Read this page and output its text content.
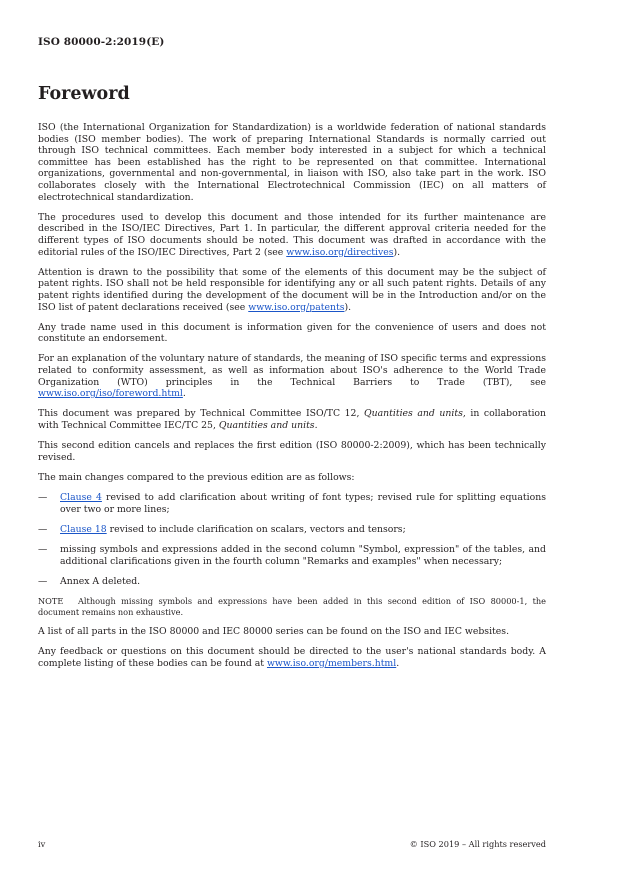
ISO 80000-2:2019(E)
Foreword

ISO (the International Organization for Standardization) is a worldwide federation of national standards bodies (ISO member bodies). The work of preparing International Standards is normally carried out through ISO technical committees. Each member body interested in a subject for which a technical committee has been established has the right to be represented on that committee. International organizations, governmental and non-governmental, in liaison with ISO, also take part in the work. ISO collaborates closely with the International Electrotechnical Commission (IEC) on all matters of electrotechnical standardization.

The procedures used to develop this document and those intended for its further maintenance are described in the ISO/IEC Directives, Part 1. In particular, the different approval criteria needed for the different types of ISO documents should be noted. This document was drafted in accordance with the editorial rules of the ISO/IEC Directives, Part 2 (see www.iso.org/directives).

Attention is drawn to the possibility that some of the elements of this document may be the subject of patent rights. ISO shall not be held responsible for identifying any or all such patent rights. Details of any patent rights identified during the development of the document will be in the Introduction and/or on the ISO list of patent declarations received (see www.iso.org/patents).

Any trade name used in this document is information given for the convenience of users and does not constitute an endorsement.

For an explanation of the voluntary nature of standards, the meaning of ISO specific terms and expressions related to conformity assessment, as well as information about ISO's adherence to the World Trade Organization (WTO) principles in the Technical Barriers to Trade (TBT), see www.iso.org/iso/foreword.html.

This document was prepared by Technical Committee ISO/TC 12, Quantities and units, in collaboration with Technical Committee IEC/TC 25, Quantities and units.

This second edition cancels and replaces the first edition (ISO 80000-2:2009), which has been technically revised.

The main changes compared to the previous edition are as follows:

— Clause 4 revised to add clarification about writing of font types; revised rule for splitting equations over two or more lines;
— Clause 18 revised to include clarification on scalars, vectors and tensors;
— missing symbols and expressions added in the second column "Symbol, expression" of the tables, and additional clarifications given in the fourth column "Remarks and examples" when necessary;
— Annex A deleted.

NOTE Although missing symbols and expressions have been added in this second edition of ISO 80000-1, the document remains non exhaustive.

A list of all parts in the ISO 80000 and IEC 80000 series can be found on the ISO and IEC websites.

Any feedback or questions on this document should be directed to the user's national standards body. A complete listing of these bodies can be found at www.iso.org/members.html.

iv	© ISO 2019 – All rights reserved
